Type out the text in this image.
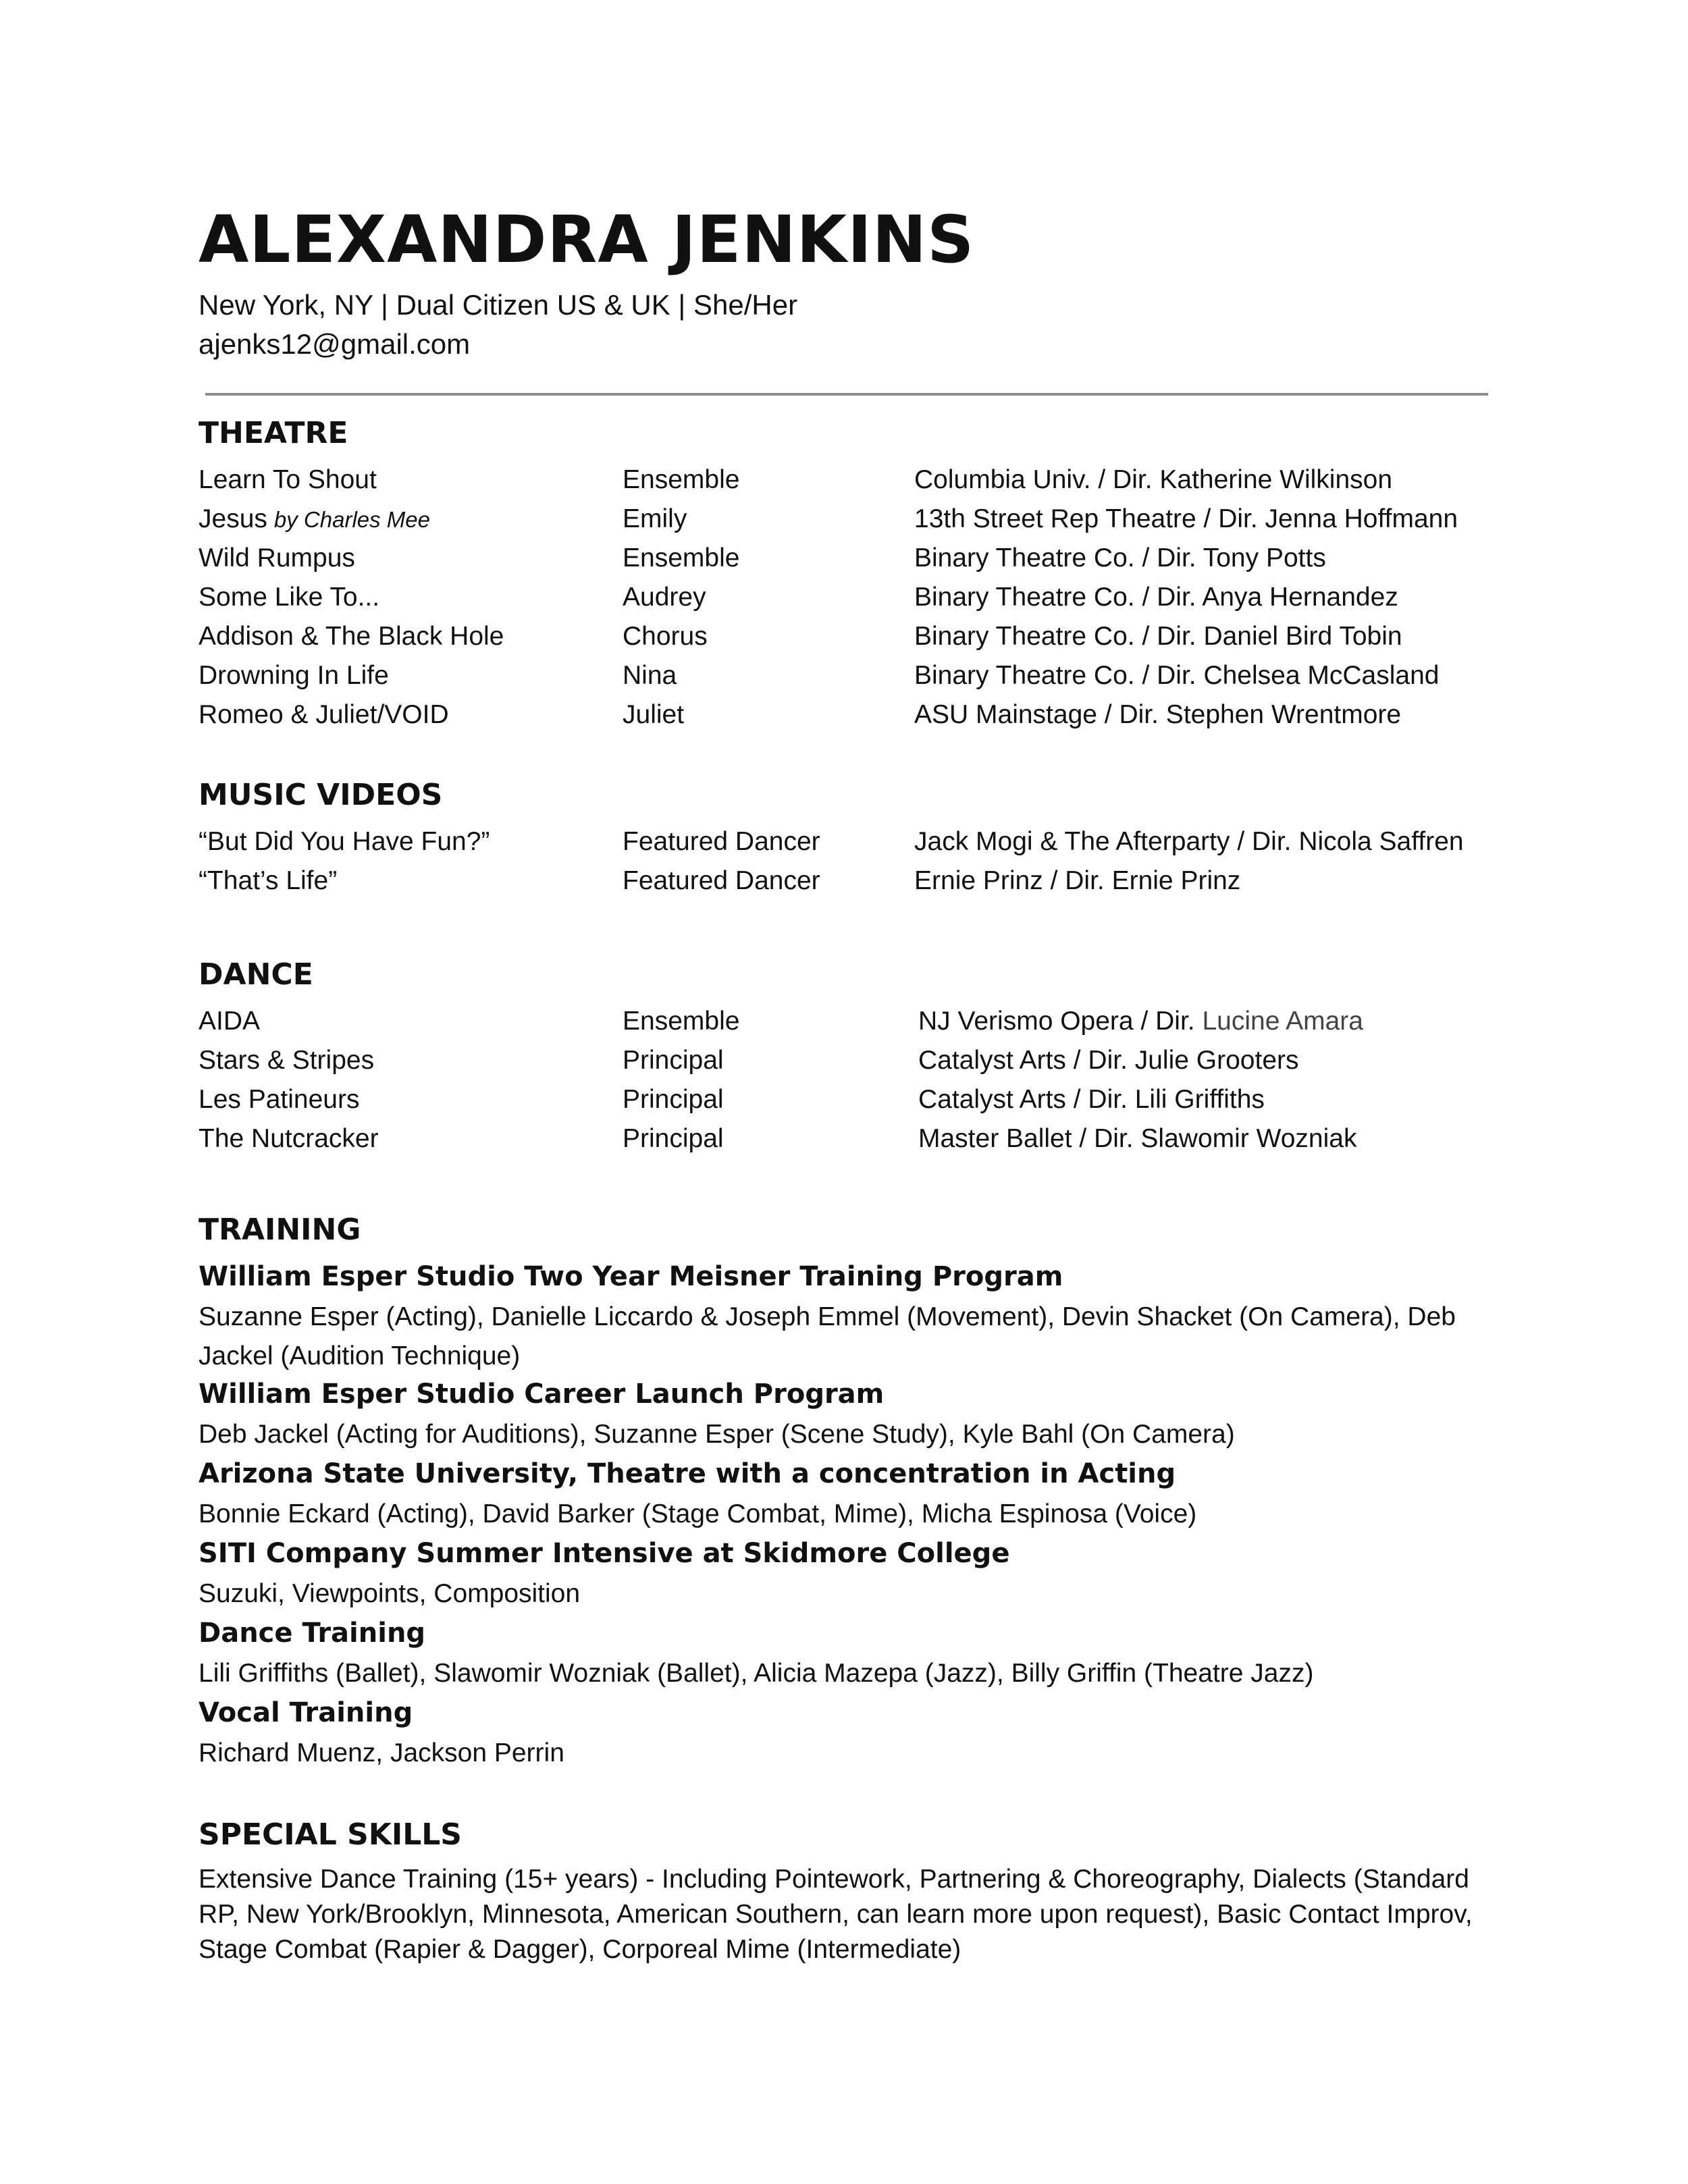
ALEXANDRA JENKINS
New York, NY | Dual Citizen US & UK | She/Her
ajenks12@gmail.com
THEATRE
Learn To Shout	Ensemble	Columbia Univ. / Dir. Katherine Wilkinson
Jesus by Charles Mee	Emily	13th Street Rep Theatre / Dir. Jenna Hoffmann
Wild Rumpus	Ensemble	Binary Theatre Co. / Dir. Tony Potts
Some Like To...	Audrey	Binary Theatre Co. / Dir. Anya Hernandez
Addison & The Black Hole	Chorus	Binary Theatre Co. / Dir. Daniel Bird Tobin
Drowning In Life	Nina	Binary Theatre Co. / Dir. Chelsea McCasland
Romeo & Juliet/VOID	Juliet	ASU Mainstage / Dir. Stephen Wrentmore
MUSIC VIDEOS
“But Did You Have Fun?”	Featured Dancer	Jack Mogi & The Afterparty / Dir. Nicola Saffren
“That’s Life”	Featured Dancer	Ernie Prinz / Dir. Ernie Prinz
DANCE
AIDA	Ensemble	NJ Verismo Opera / Dir. Lucine Amara
Stars & Stripes	Principal	Catalyst Arts / Dir. Julie Grooters
Les Patineurs	Principal	Catalyst Arts / Dir. Lili Griffiths
The Nutcracker	Principal	Master Ballet / Dir. Slawomir Wozniak
TRAINING
William Esper Studio Two Year Meisner Training Program
Suzanne Esper (Acting), Danielle Liccardo & Joseph Emmel (Movement), Devin Shacket (On Camera), Deb Jackel (Audition Technique)
William Esper Studio Career Launch Program
Deb Jackel (Acting for Auditions), Suzanne Esper (Scene Study), Kyle Bahl (On Camera)
Arizona State University, Theatre with a concentration in Acting
Bonnie Eckard (Acting), David Barker (Stage Combat, Mime), Micha Espinosa (Voice)
SITI Company Summer Intensive at Skidmore College
Suzuki, Viewpoints, Composition
Dance Training
Lili Griffiths (Ballet), Slawomir Wozniak (Ballet), Alicia Mazepa (Jazz), Billy Griffin (Theatre Jazz)
Vocal Training
Richard Muenz, Jackson Perrin
SPECIAL SKILLS
Extensive Dance Training (15+ years) - Including Pointework, Partnering & Choreography, Dialects (Standard RP, New York/Brooklyn, Minnesota, American Southern, can learn more upon request), Basic Contact Improv, Stage Combat (Rapier & Dagger), Corporeal Mime (Intermediate)
